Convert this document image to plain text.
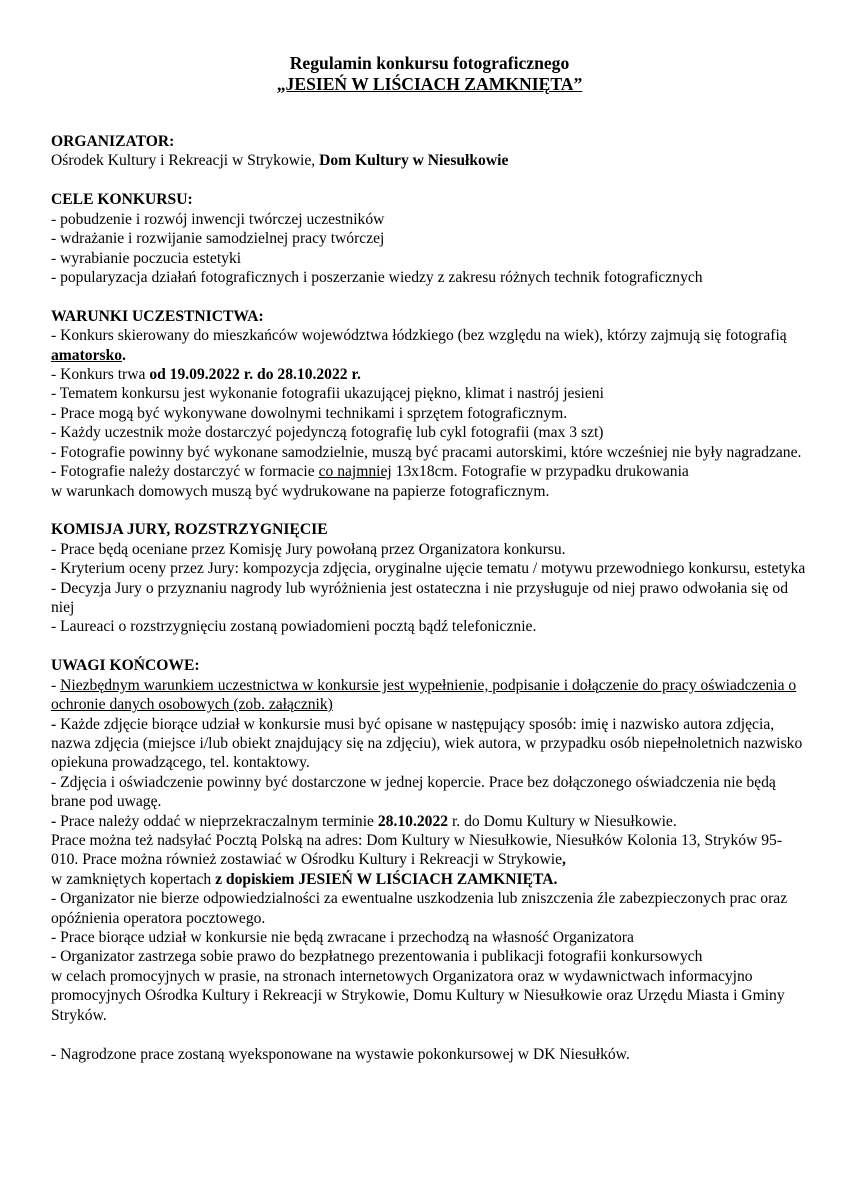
Regulamin konkursu fotograficznego
„JESIEŃ W LIŚCIACH ZAMKNIĘTA”

ORGANIZATOR:

Ośrodek Kultury i Rekreacji w Strykowie, Dom Kultury w Niesułkowie

CELE KONKURSU:

- pobudzenie i rozwój inwencji twórczej uczestników

- wdrażanie i rozwijanie samodzielnej pracy twórczej

- wyrabianie poczucia estetyki

- popularyzacja działań fotograficznych i poszerzanie wiedzy z zakresu różnych technik fotograficznych

WARUNKI UCZESTNICTWA:

- Konkurs skierowany do mieszkańców województwa łódzkiego (bez względu na wiek), którzy zajmują się fotografią amatorsko.

- Konkurs trwa od 19.09.2022 r. do 28.10.2022 r.

- Tematem konkursu jest wykonanie fotografii ukazującej piękno, klimat i nastrój jesieni

- Prace mogą być wykonywane dowolnymi technikami i sprzętem fotograficznym.

- Każdy uczestnik może dostarczyć pojedynczą fotografię lub cykl fotografii (max 3 szt)

- Fotografie powinny być wykonane samodzielnie, muszą być pracami autorskimi, które wcześniej nie były nagradzane.

- Fotografie należy dostarczyć w formacie co najmniej 13x18cm. Fotografie w przypadku drukowania
w warunkach domowych muszą być wydrukowane na papierze fotograficznym.

KOMISJA JURY, ROZSTRZYGNIĘCIE

- Prace będą oceniane przez Komisję Jury powołaną przez Organizatora konkursu.

- Kryterium oceny przez Jury: kompozycja zdjęcia, oryginalne ujęcie tematu / motywu przewodniego konkursu, estetyka

- Decyzja Jury o przyznaniu nagrody lub wyróżnienia jest ostateczna i nie przysługuje od niej prawo odwołania się od niej

- Laureaci o rozstrzygnięciu zostaną powiadomieni pocztą bądź telefonicznie.

UWAGI KOŃCOWE:

- Niezbędnym warunkiem uczestnictwa w konkursie jest wypełnienie, podpisanie i dołączenie do pracy oświadczenia o ochronie danych osobowych (zob. załącznik)

- Każde zdjęcie biorące udział w konkursie musi być opisane w następujący sposób: imię i nazwisko autora zdjęcia, nazwa zdjęcia (miejsce i/lub obiekt znajdujący się na zdjęciu), wiek autora, w przypadku osób niepełnoletnich nazwisko opiekuna prowadzącego, tel. kontaktowy.

- Zdjęcia i oświadczenie powinny być dostarczone w jednej kopercie. Prace bez dołączonego oświadczenia nie będą brane pod uwagę.

- Prace należy oddać w nieprzekraczalnym terminie 28.10.2022 r. do Domu Kultury w Niesułkowie.
Prace można też nadsyłać Pocztą Polską na adres: Dom Kultury w Niesułkowie, Niesułków Kolonia 13, Stryków 95-010. Prace można również zostawiać w Ośrodku Kultury i Rekreacji w Strykowie,
w zamkniętych kopertach z dopiskiem JESIEŃ W LIŚCIACH ZAMKNIĘTA.

- Organizator nie bierze odpowiedzialności za ewentualne uszkodzenia lub zniszczenia źle zabezpieczonych prac oraz opóźnienia operatora pocztowego.

- Prace biorące udział w konkursie nie będą zwracane i przechodzą na własność Organizatora

- Organizator zastrzega sobie prawo do bezpłatnego prezentowania i publikacji fotografii konkursowych
w celach promocyjnych w prasie, na stronach internetowych Organizatora oraz w wydawnictwach informacyjno promocyjnych Ośrodka Kultury i Rekreacji w Strykowie, Domu Kultury w Niesułkowie oraz Urzędu Miasta i Gminy Stryków.

- Nagrodzone prace zostaną wyeksponowane na wystawie pokonkursowej w DK Niesułków.
